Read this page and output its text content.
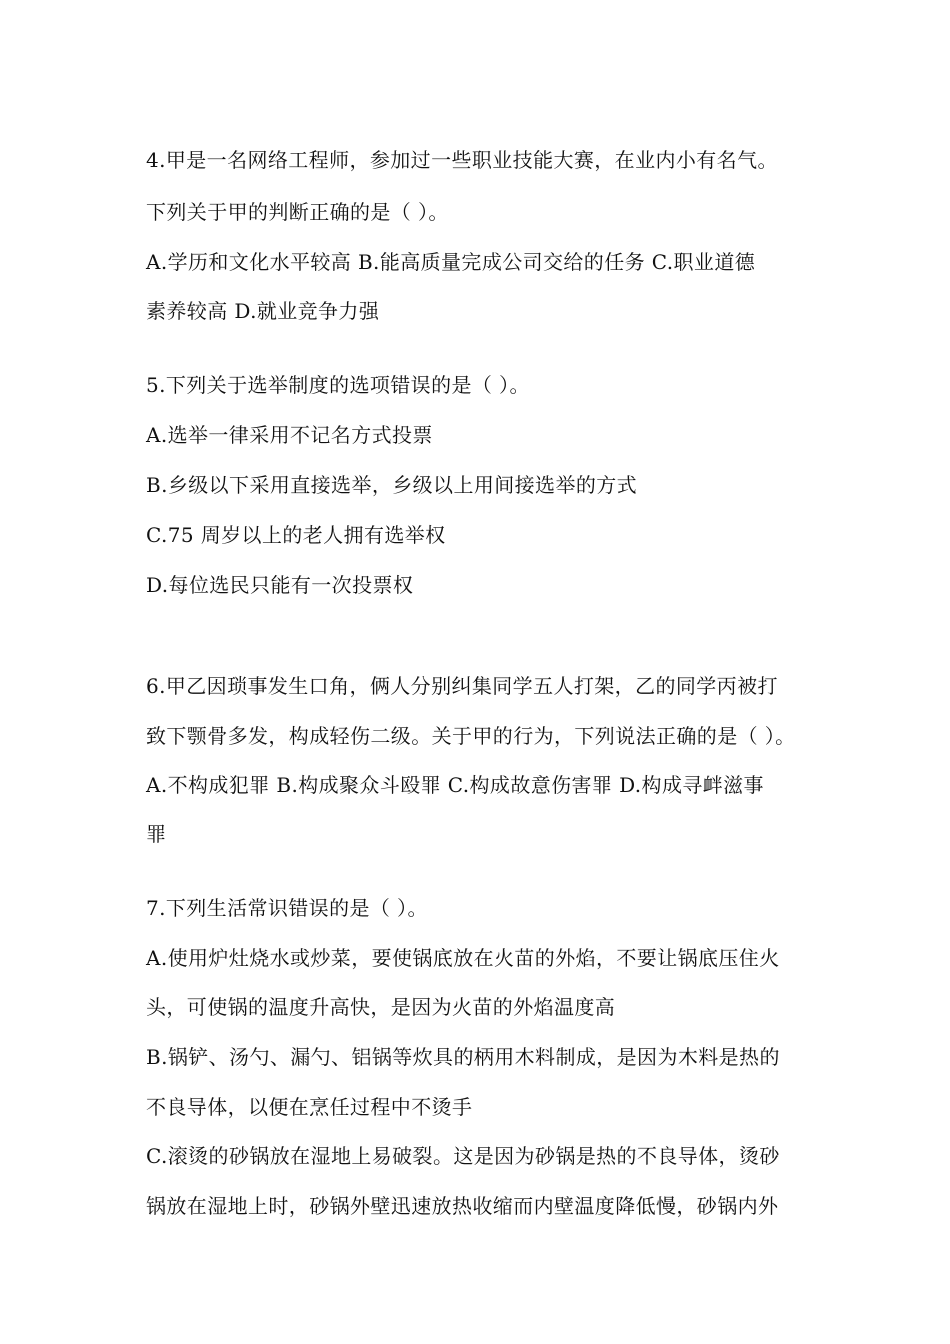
4.甲是一名网络工程师，参加过一些职业技能大赛，在业内小有名气。
下列关于甲的判断正确的是（ ）。
A.学历和文化水平较高 B.能高质量完成公司交给的任务 C.职业道德
素养较高 D.就业竞争力强
5.下列关于选举制度的选项错误的是（ ）。
A.选举一律采用不记名方式投票
B.乡级以下采用直接选举，乡级以上用间接选举的方式
C.75 周岁以上的老人拥有选举权
D.每位选民只能有一次投票权
6.甲乙因琐事发生口角，俩人分别纠集同学五人打架，乙的同学丙被打
致下颚骨多发，构成轻伤二级。关于甲的行为，下列说法正确的是（ ）。
A.不构成犯罪 B.构成聚众斗殴罪 C.构成故意伤害罪 D.构成寻衅滋事
罪
7.下列生活常识错误的是（ ）。
A.使用炉灶烧水或炒菜，要使锅底放在火苗的外焰，不要让锅底压住火
头，可使锅的温度升高快，是因为火苗的外焰温度高
B.锅铲、汤勺、漏勺、铝锅等炊具的柄用木料制成，是因为木料是热的
不良导体，以便在烹任过程中不烫手
C.滚烫的砂锅放在湿地上易破裂。这是因为砂锅是热的不良导体，烫砂
锅放在湿地上时，砂锅外壁迅速放热收缩而内壁温度降低慢，砂锅内外
